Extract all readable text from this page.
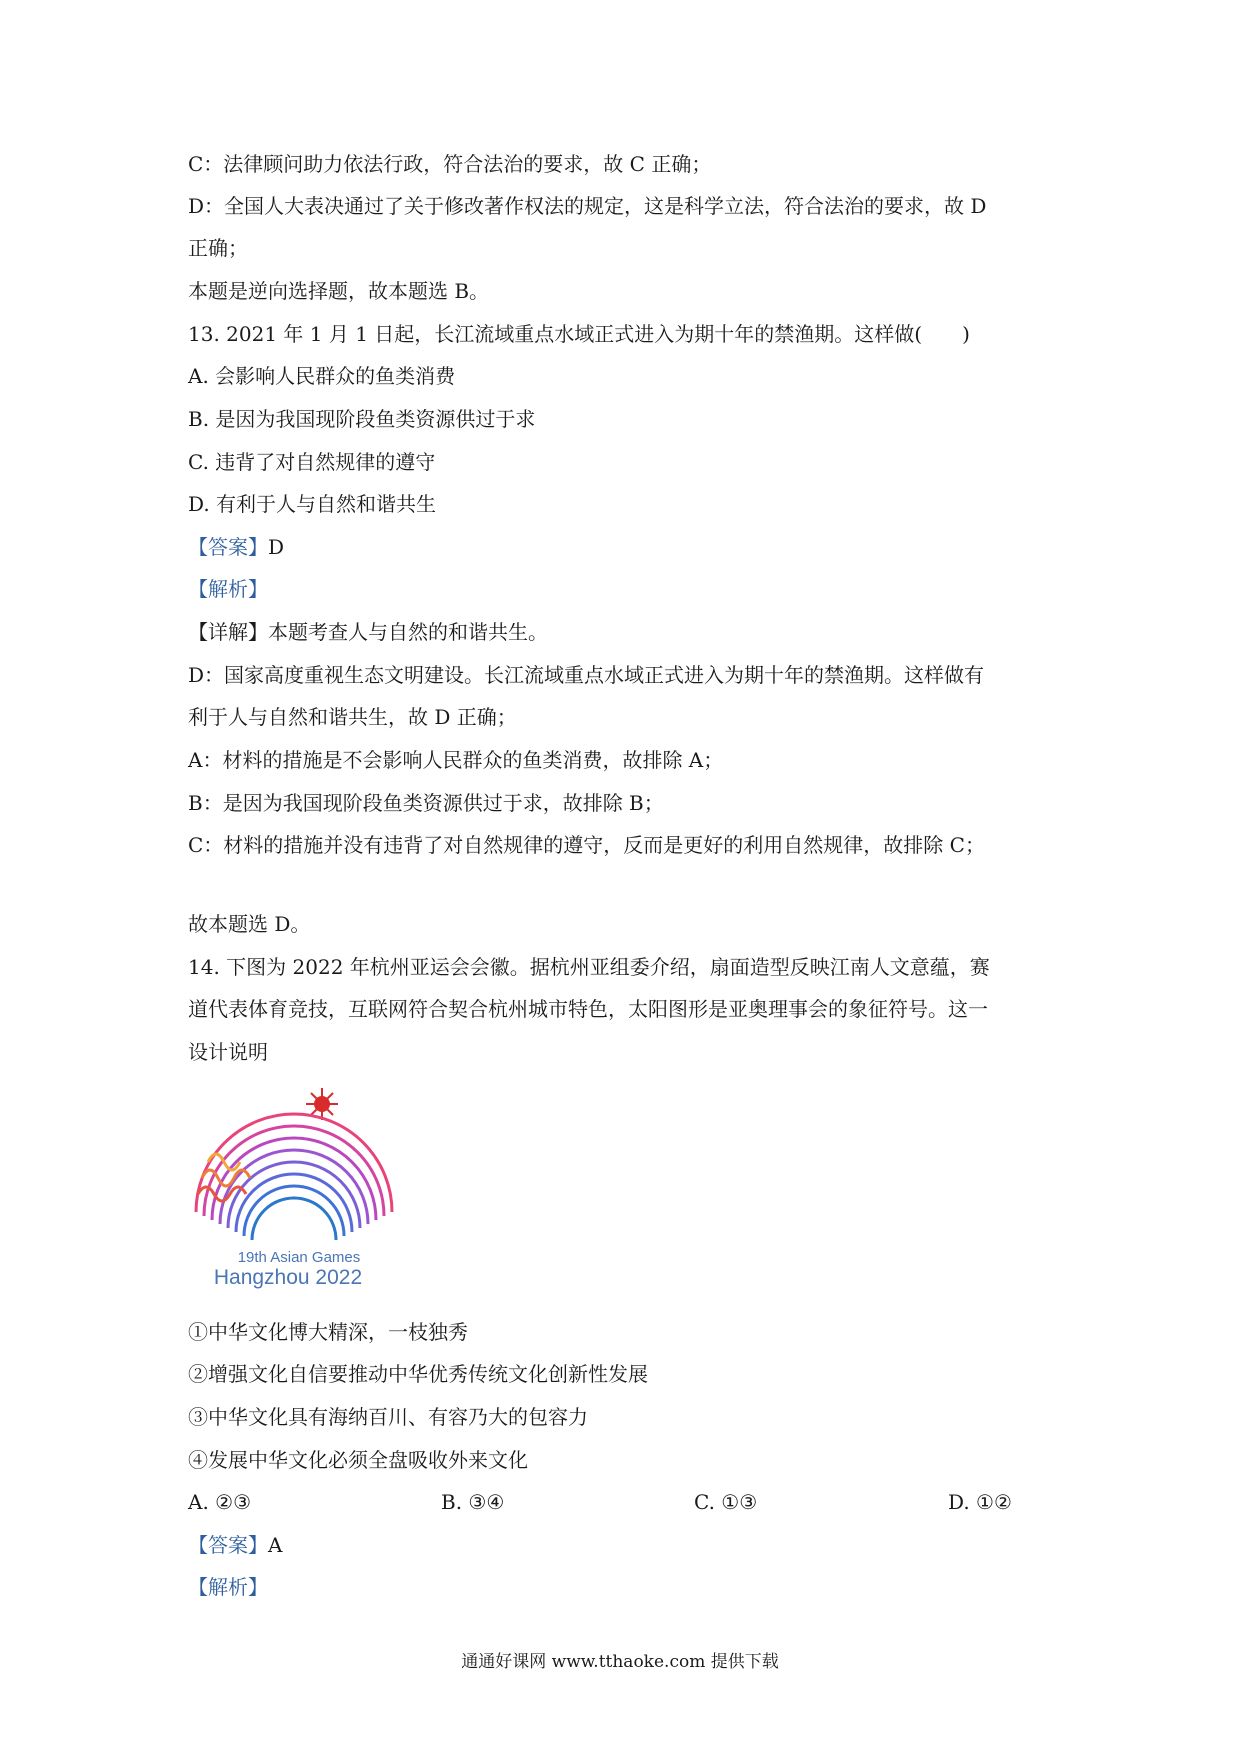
C：法律顾问助力依法行政，符合法治的要求，故 C 正确；
D：全国人大表决通过了关于修改著作权法的规定，这是科学立法，符合法治的要求，故 D
正确；
本题是逆向选择题，故本题选 B。
13. 2021 年 1 月 1 日起，长江流域重点水域正式进入为期十年的禁渔期。这样做(　　)
A. 会影响人民群众的鱼类消费
B. 是因为我国现阶段鱼类资源供过于求
C. 违背了对自然规律的遵守
D. 有利于人与自然和谐共生
【答案】D
【解析】
【详解】本题考查人与自然的和谐共生。
D：国家高度重视生态文明建设。长江流域重点水域正式进入为期十年的禁渔期。这样做有
利于人与自然和谐共生，故 D 正确；
A：材料的措施是不会影响人民群众的鱼类消费，故排除 A；
B：是因为我国现阶段鱼类资源供过于求，故排除 B；
C：材料的措施并没有违背了对自然规律的遵守，反而是更好的利用自然规律，故排除 C；
故本题选 D。
14. 下图为 2022 年杭州亚运会会徽。据杭州亚组委介绍，扇面造型反映江南人文意蕴，赛
道代表体育竞技，互联网符合契合杭州城市特色，太阳图形是亚奥理事会的象征符号。这一
设计说明
19th Asian Games
Hangzhou 2022
①中华文化博大精深，一枝独秀
②增强文化自信要推动中华优秀传统文化创新性发展
③中华文化具有海纳百川、有容乃大的包容力
④发展中华文化必须全盘吸收外来文化
A. ②③	B. ③④	C. ①③	D. ①②
【答案】A
【解析】
通通好课网 www.tthaoke.com 提供下载
